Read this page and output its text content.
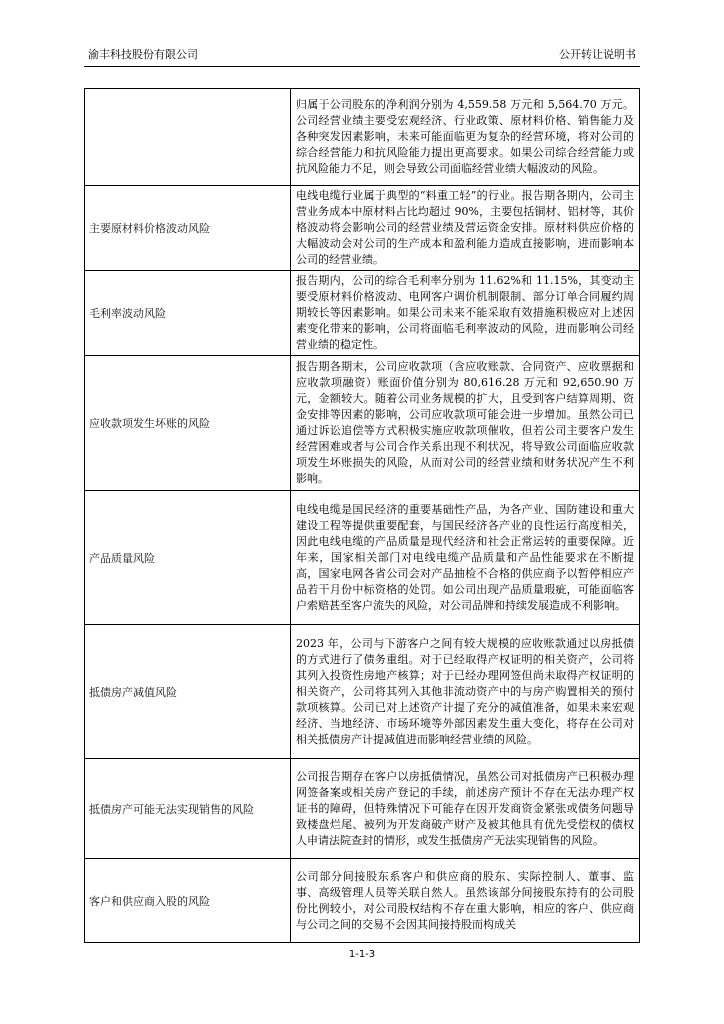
渝丰科技股份有限公司	公开转让说明书
	归属于公司股东的净利润分别为 4,559.58 万元和 5,564.70 万元。公司经营业绩主要受宏观经济、行业政策、原材料价格、销售能力及各种突发因素影响，未来可能面临更为复杂的经营环境，将对公司的综合经营能力和抗风险能力提出更高要求。如果公司综合经营能力或抗风险能力不足，则会导致公司面临经营业绩大幅波动的风险。
主要原材料价格波动风险	电线电缆行业属于典型的“料重工轻”的行业。报告期各期内，公司主营业务成本中原材料占比均超过 90%，主要包括铜材、铝材等，其价格波动将会影响公司的经营业绩及营运资金安排。原材料供应价格的大幅波动会对公司的生产成本和盈利能力造成直接影响，进而影响本公司的经营业绩。
毛利率波动风险	报告期内，公司的综合毛利率分别为 11.62%和 11.15%，其变动主要受原材料价格波动、电网客户调价机制限制、部分订单合同履约周期较长等因素影响。如果公司未来不能采取有效措施积极应对上述因素变化带来的影响，公司将面临毛利率波动的风险，进而影响公司经营业绩的稳定性。
应收款项发生坏账的风险	报告期各期末，公司应收款项（含应收账款、合同资产、应收票据和应收款项融资）账面价值分别为 80,616.28 万元和 92,650.90 万元，金额较大。随着公司业务规模的扩大，且受到客户结算周期、资金安排等因素的影响，公司应收款项可能会进一步增加。虽然公司已通过诉讼追偿等方式积极实施应收款项催收，但若公司主要客户发生经营困难或者与公司合作关系出现不利状况，将导致公司面临应收款项发生坏账损失的风险，从而对公司的经营业绩和财务状况产生不利影响。
产品质量风险	电线电缆是国民经济的重要基础性产品，为各产业、国防建设和重大建设工程等提供重要配套，与国民经济各产业的良性运行高度相关，因此电线电缆的产品质量是现代经济和社会正常运转的重要保障。近年来，国家相关部门对电线电缆产品质量和产品性能要求在不断提高，国家电网各省公司会对产品抽检不合格的供应商予以暂停相应产品若干月份中标资格的处罚。如公司出现产品质量瑕疵，可能面临客户索赔甚至客户流失的风险，对公司品牌和持续发展造成不利影响。
抵债房产减值风险	2023 年，公司与下游客户之间有较大规模的应收账款通过以房抵债的方式进行了债务重组。对于已经取得产权证明的相关资产，公司将其列入投资性房地产核算；对于已经办理网签但尚未取得产权证明的相关资产，公司将其列入其他非流动资产中的与房产购置相关的预付款项核算。公司已对上述资产计提了充分的减值准备，如果未来宏观经济、当地经济、市场环境等外部因素发生重大变化，将存在公司对相关抵债房产计提减值进而影响经营业绩的风险。
抵债房产可能无法实现销售的风险	公司报告期存在客户以房抵债情况，虽然公司对抵债房产已积极办理网签备案或相关房产登记的手续，前述房产预计不存在无法办理产权证书的障碍，但特殊情况下可能存在因开发商资金紧张或债务问题导致楼盘烂尾、被列为开发商破产财产及被其他具有优先受偿权的债权人申请法院查封的情形，或发生抵债房产无法实现销售的风险。
客户和供应商入股的风险	公司部分间接股东系客户和供应商的股东、实际控制人、董事、监事、高级管理人员等关联自然人。虽然该部分间接股东持有的公司股份比例较小，对公司股权结构不存在重大影响，相应的客户、供应商与公司之间的交易不会因其间接持股而构成关
1-1-3
